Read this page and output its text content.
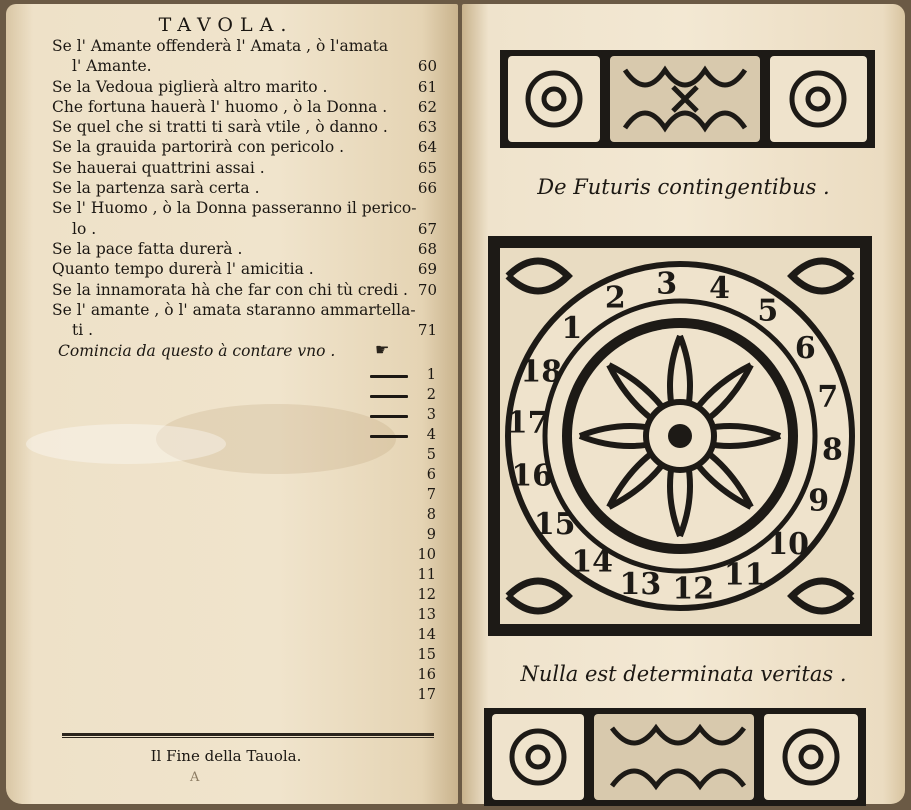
TAVOLA.
Se l' Amante offenderà l' Amata , ò l'amata
l' Amante.	60
Se la Vedoua piglierà altro marito .	61
Che fortuna hauerà l' huomo , ò la Donna .	62
Se quel che si tratti ti sarà vtile , ò danno .	63
Se la grauida partorirà con pericolo .	64
Se hauerai quattrini assai .	65
Se la partenza sarà certa .	66
Se l' Huomo , ò la Donna passeranno il perico-
lo .	67
Se la pace fatta durerà .	68
Quanto tempo durerà l' amicitia .	69
Se la innamorata hà che far con chi tù credi . 70
Se l' amante , ò l' amata staranno ammartella-
ti .	71
Comincia da questo à contare vno . ☛
1
2
3
4
5
6
7
8
9
10
11
12
13
14
15
16
17
Il Fine della Tauola.
A
De Futuris contingentibus .
1
2 3 4
5
6
7
8
9
10
11
12
13
14
15
16
17
18
Nulla est determinata veritas .
